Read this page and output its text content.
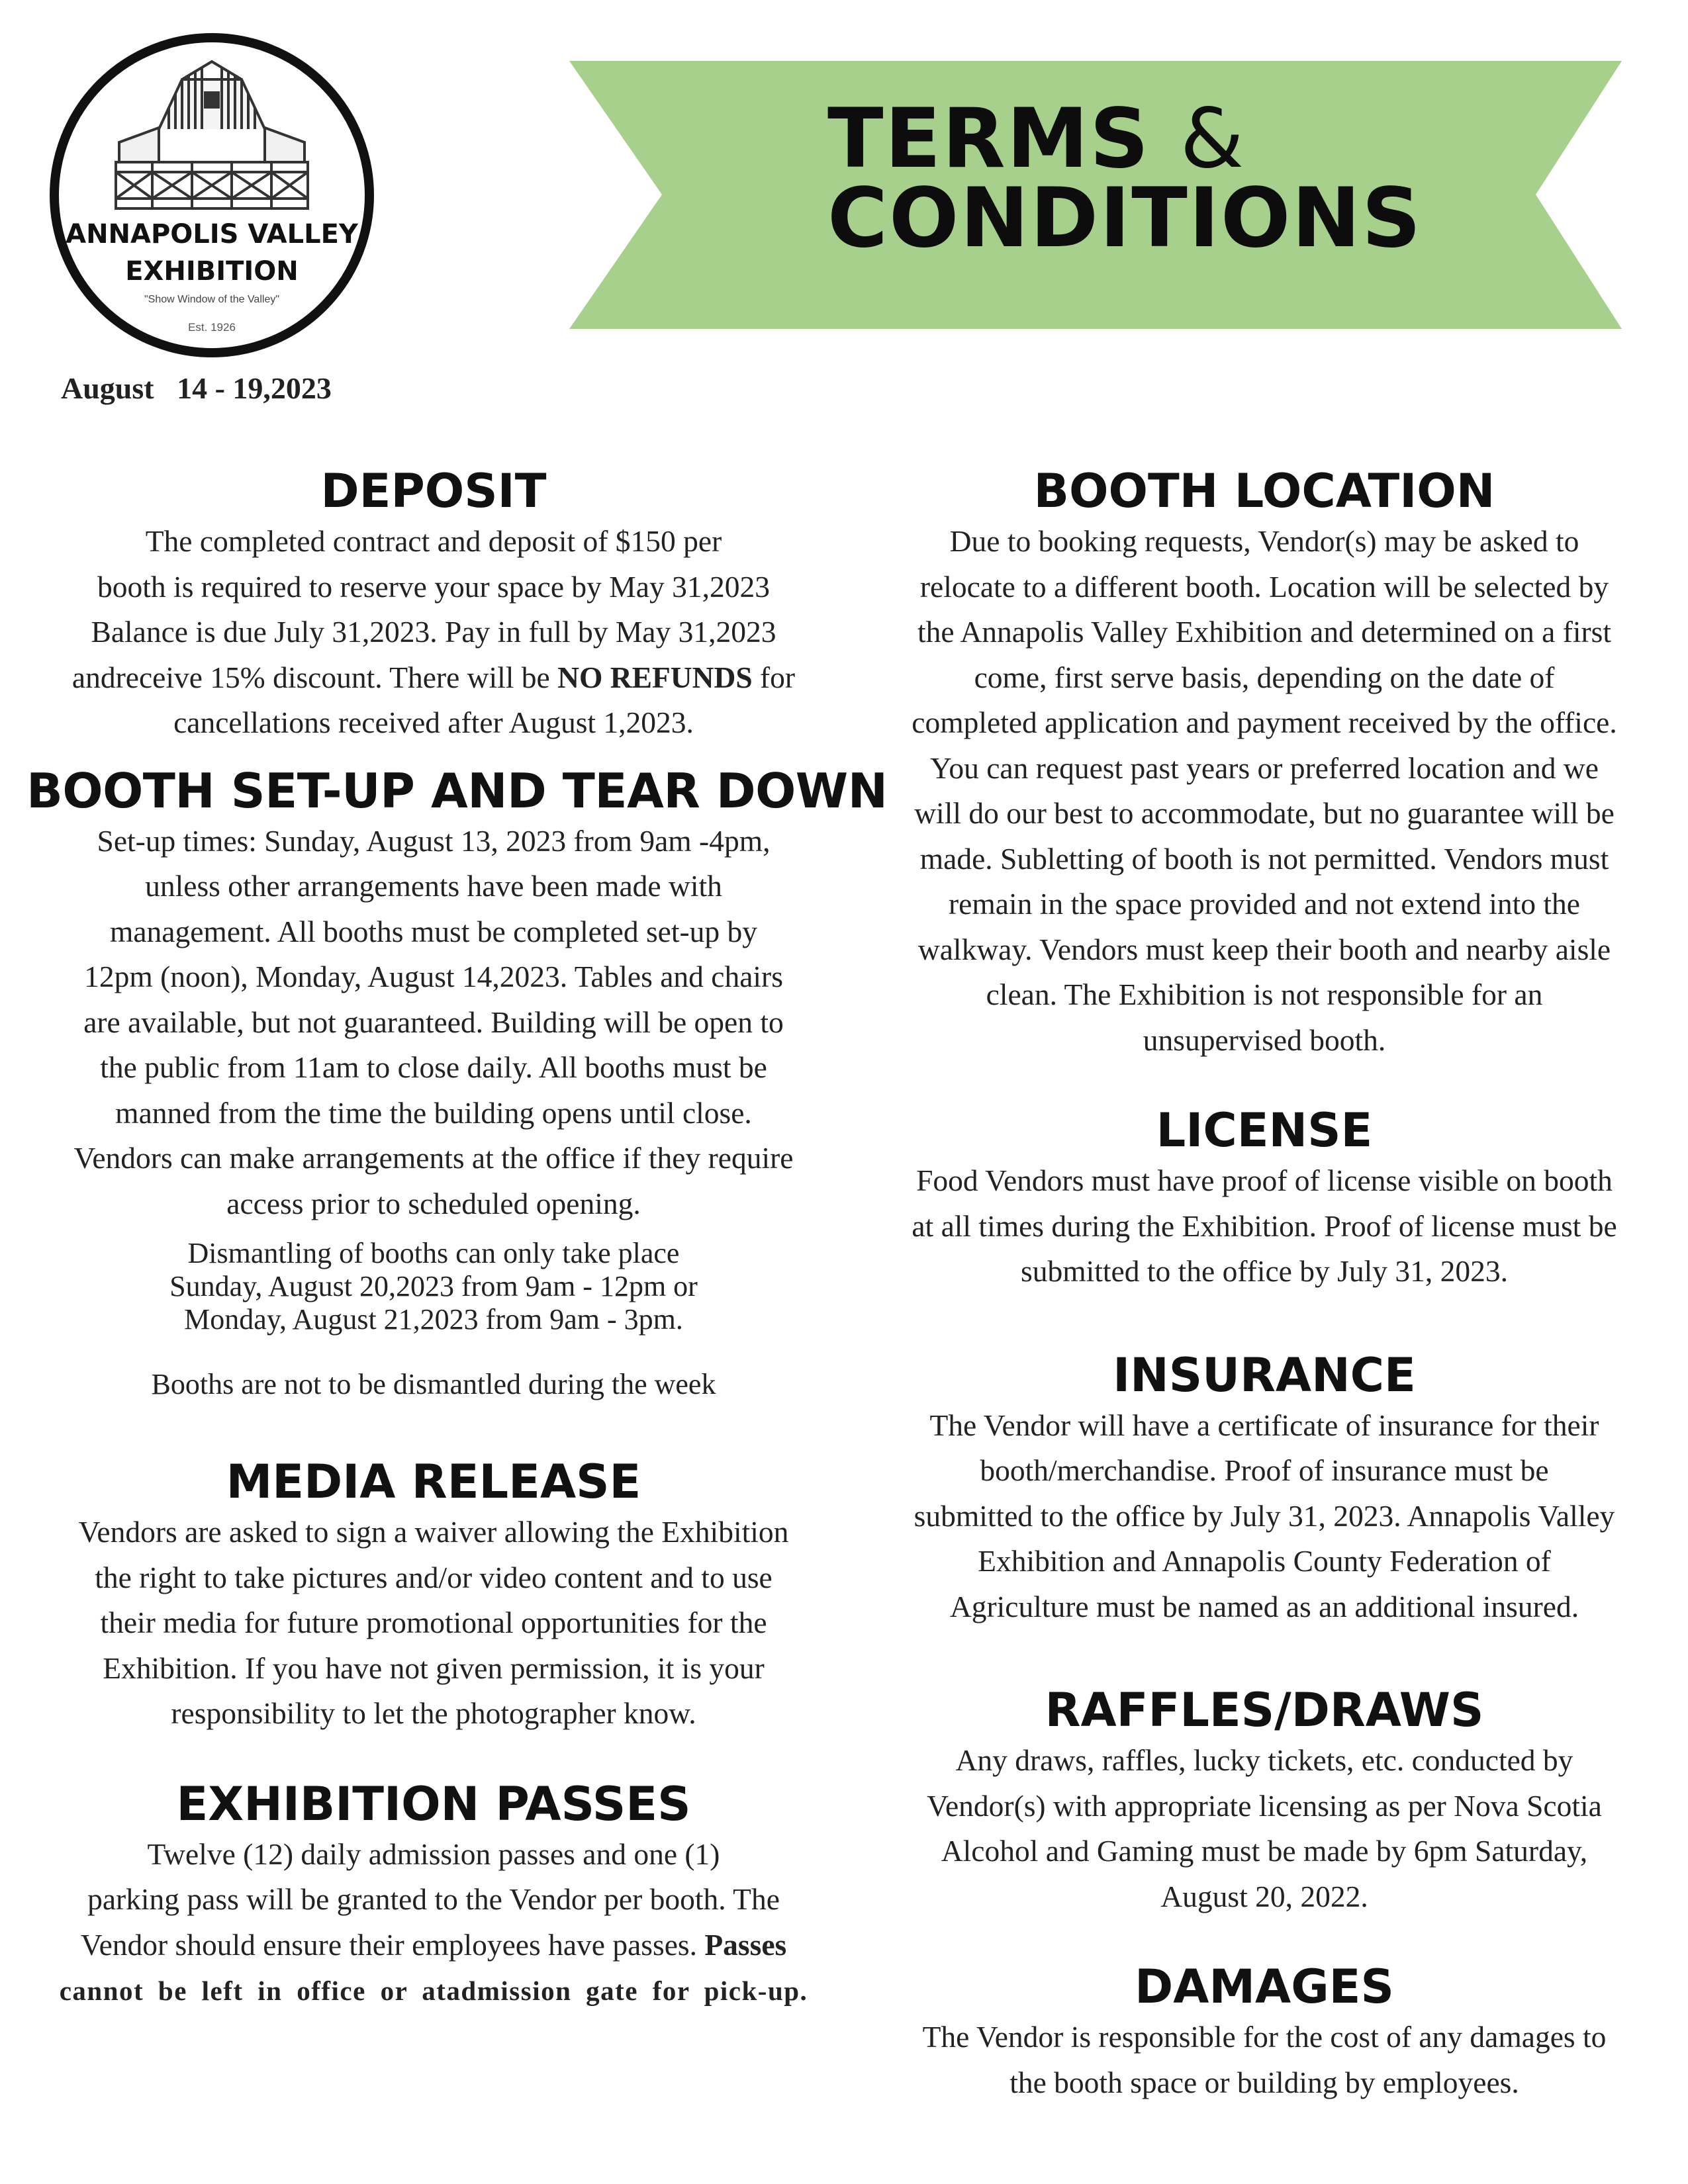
ANNAPOLIS VALLEY
EXHIBITION
"Show Window of the Valley"
Est. 1926
August   14 - 19,2023
TERMS &
CONDITIONS
DEPOSIT

The completed contract and deposit of $150 per
booth is required to reserve your space by May 31,2023
Balance is due July 31,2023. Pay in full by May 31,2023
andreceive 15% discount. There will be NO REFUNDS for
cancellations received after August 1,2023.

BOOTH SET-UP AND TEAR DOWN

Set-up times: Sunday, August 13, 2023 from 9am -4pm,
unless other arrangements have been made with
management. All booths must be completed set-up by
12pm (noon), Monday, August 14,2023. Tables and chairs
are available, but not guaranteed. Building will be open to
the public from 11am to close daily. All booths must be
manned from the time the building opens until close.
Vendors can make arrangements at the office if they require
access prior to scheduled opening.

Dismantling of booths can only take place
Sunday, August 20,2023 from 9am - 12pm or
Monday, August 21,2023 from 9am - 3pm.

Booths are not to be dismantled during the week

MEDIA RELEASE

Vendors are asked to sign a waiver allowing the Exhibition
the right to take pictures and/or video content and to use
their media for future promotional opportunities for the
Exhibition. If you have not given permission, it is your
responsibility to let the photographer know.

EXHIBITION PASSES

Twelve (12) daily admission passes and one (1)
parking pass will be granted to the Vendor per booth. The
Vendor should ensure their employees have passes. Passes
cannot be left in office or atadmission gate for pick-up.

BOOTH LOCATION

Due to booking requests, Vendor(s) may be asked to
relocate to a different booth. Location will be selected by
the Annapolis Valley Exhibition and determined on a first
come, first serve basis, depending on the date of
completed application and payment received by the office.
You can request past years or preferred location and we
will do our best to accommodate, but no guarantee will be
made. Subletting of booth is not permitted. Vendors must
remain in the space provided and not extend into the
walkway. Vendors must keep their booth and nearby aisle
clean. The Exhibition is not responsible for an
unsupervised booth.

LICENSE

Food Vendors must have proof of license visible on booth
at all times during the Exhibition. Proof of license must be
submitted to the office by July 31, 2023.

INSURANCE

The Vendor will have a certificate of insurance for their
booth/merchandise. Proof of insurance must be
submitted to the office by July 31, 2023. Annapolis Valley
Exhibition and Annapolis County Federation of
Agriculture must be named as an additional insured.

RAFFLES/DRAWS

Any draws, raffles, lucky tickets, etc. conducted by
Vendor(s) with appropriate licensing as per Nova Scotia
Alcohol and Gaming must be made by 6pm Saturday,
August 20, 2022.

DAMAGES

The Vendor is responsible for the cost of any damages to
the booth space or building by employees.
